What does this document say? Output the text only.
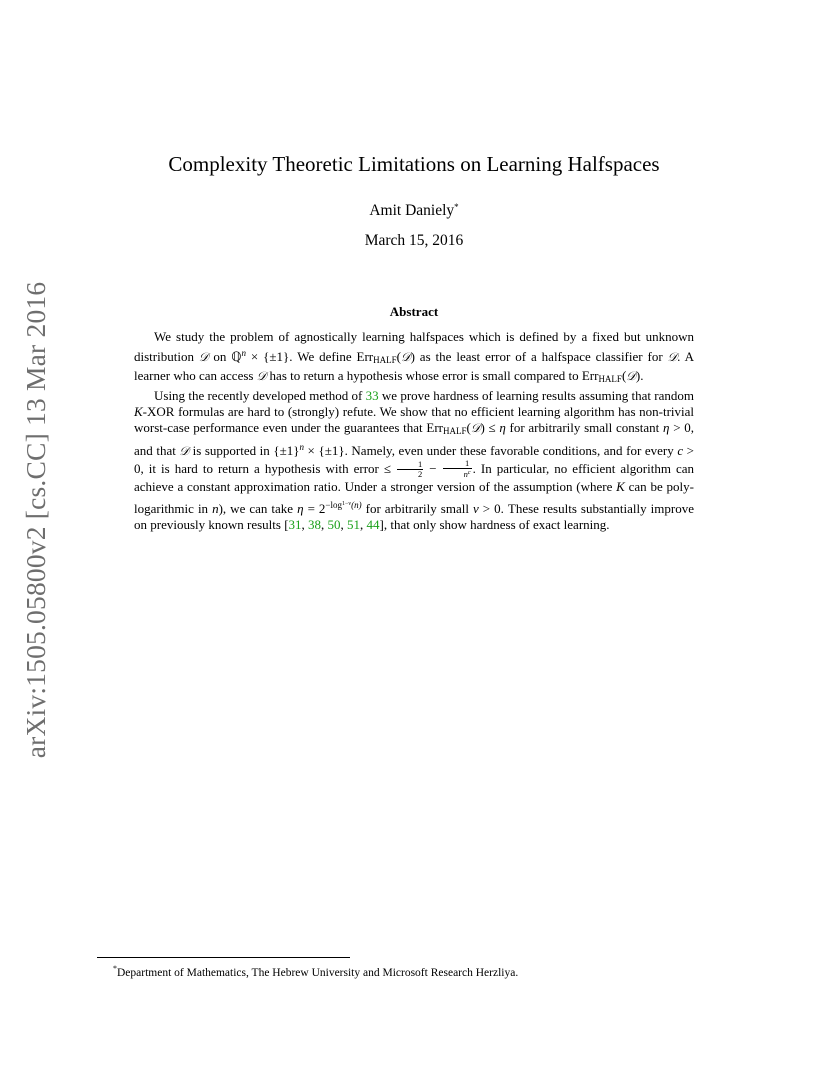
arXiv:1505.05800v2 [cs.CC] 13 Mar 2016
Complexity Theoretic Limitations on Learning Halfspaces
Amit Daniely*
March 15, 2016
Abstract

We study the problem of agnostically learning halfspaces which is defined by a fixed but unknown distribution 𝒟 on ℚ$^n$ × {±1}. We define Err$_{HALF}$(𝒟) as the least error of a halfspace classifier for 𝒟. A learner who can access 𝒟 has to return a hypothesis whose error is small compared to Err$_{HALF}$(𝒟).

Using the recently developed method of 33 we prove hardness of learning results assuming that random K-XOR formulas are hard to (strongly) refute. We show that no efficient learning algorithm has non-trivial worst-case performance even under the guarantees that Err$_{HALF}$(𝒟) ≤ η for arbitrarily small constant η > 0, and that 𝒟 is supported in $\{\pm 1\}^n \times \{\pm 1\}$. Namely, even under these favorable conditions, and for every c > 0, it is hard to return a hypothesis with error ≤ $\frac{1}{2} - \frac{1}{n^c}$ . In particular, no efficient algorithm can achieve a constant approximation ratio. Under a stronger version of the assumption (where K can be poly-logarithmic in n), we can take $\eta = 2^{-log^{1-\nu}(n)}$ for arbitrarily small ν > 0. These results substantially improve on previously known results [31, 38, 50, 51, 44], that only show hardness of exact learning.

*Department of Mathematics, The Hebrew University and Microsoft Research Herzliya.
